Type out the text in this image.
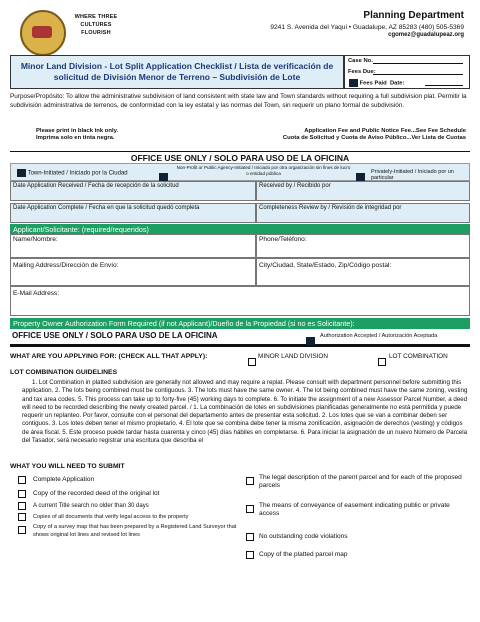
WHERE THREE CULTURES FLOURISH
Planning Department
9241 S. Avenida del Yaqui • Guadalupe, AZ 85283 (480) 505-5369
cgomez@guadalupeaz.org
Minor Land Division - Lot Split Application Checklist / Lista de verificación de solicitud de División Menor de Terreno – Subdivisión de Lote
Case No.
Fees Due:
Fees Paid Date:
Purpose/Propósito: To allow the administrative subdivision of land consistent with state law and Town standards without requiring a full subdivision plat. Permitir la subdivisión administrativa de terrenos, de conformidad con la ley estatal y las normas del Town, sin requerir un plano formal de subdivisión.
Please print in black ink only.
Imprima solo en tinta negra.
Application Fee and Public Notice Fee...See Fee Schedule
Cuota de Solicitud y Cuota de Aviso Público...Ver Lista de Cuotas
OFFICE USE ONLY / SOLO PARA USO DE LA OFICINA
Town-Initiated / Iniciado por la Ciudad
Non-Profit or Public Agency-Initiated / Iniciado por otra organización sin fines de lucro o entidad pública	Privately-Initiated / Iniciado por un particular
Date Application Received / Fecha de recepción de la solicitud	Received by / Recibido por
Date Application Complete / Fecha en que la solicitud quedó completa	Completeness Review by / Revisión de integridad por
Applicant/Solicitante: (required/requeridos)
Name/Nombre:	Phone/Teléfono:
Mailing Address/Dirección de Envío:	City/Ciudad, State/Estado, Zip/Código postal:
E-Mail Address:
Property Owner Authorization Form Required (if not Applicant)/Dueño de la Propiedad (si no es Solicitante):
OFFICE USE ONLY / SOLO PARA USO DE LA OFICINA	Authorization Accepted / Autorización Aceptada
WHAT ARE YOU APPLYING FOR: (CHECK ALL THAT APPLY):	MINOR LAND DIVISION	LOT COMBINATION
LOT COMBINATION GUIDELINES
1. Lot Combination in platted subdivision are generally not allowed and may require a replat. Please consult with department personnel before submitting this application. 2. The lots being combined must be contiguous. 3. The lots must have the same owner. 4. The lot being combined must have the same zoning, vesting and tax area codes. 5. This process can take up to forty-five (45) working days to complete. 6. To initiate the assignment of a new Assessor Parcel Number, a deed will need to be recorded describing the newly created parcel. / 1. La combinación de lotes en subdivisiones planificadas generalmente no está permitida y puede requerir un replanteo. Por favor, consulte con el personal del departamento antes de presentar esta solicitud. 2. Los lotes que se van a combinar deben ser contiguos. 3. Los lotes deben tener el mismo propietario. 4. El lote que se combina debe tener la misma zonificación, asignación de derechos (vesting) y códigos de área fiscal. 5. Este proceso puede tardar hasta cuarenta y cinco (45) días hábiles en completarse. 6. Para iniciar la asignación de un nuevo Número de Parcela del Tasador, será necesario registrar una escritura que describa el
WHAT YOU WILL NEED TO SUBMIT
Complete Application
Copy of the recorded deed of the original lot
A current Title search no older than 30 days
Copies of all documents that verify legal access to the property
Copy of a survey map that has been prepared by a Registered Land Surveyor that shows original lot lines and revised lot lines
The legal description of the parent parcel and for each of the proposed parcels
The means of conveyance of easement indicating public or private access
No outstanding code violations
Copy of the platted parcel map
